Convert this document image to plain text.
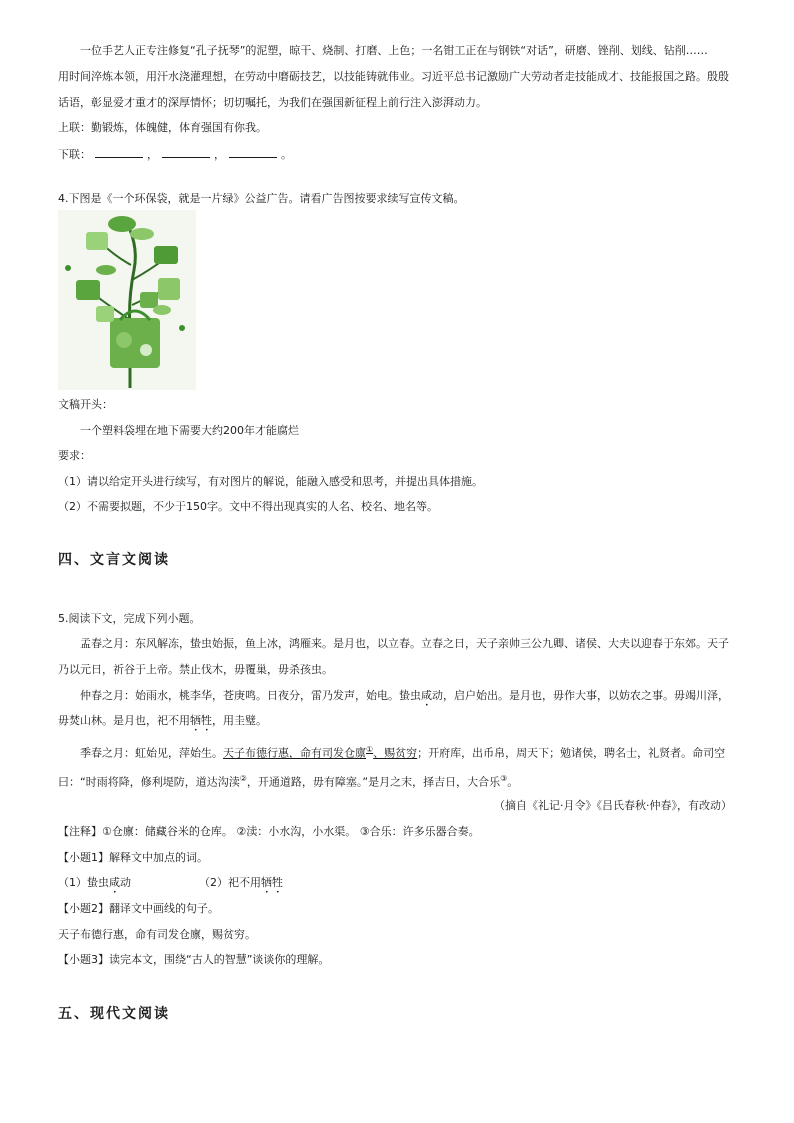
一位手艺人正专注修复“孔子抚琴”的泥塑，晾干、烧制、打磨、上色；一名钳工正在与钢铁“对话”，研磨、锉削、划线、钻削……
用时间淬炼本领，用汗水浇灌理想，在劳动中磨砺技艺，以技能铸就伟业。习近平总书记激励广大劳动者走技能成才、技能报国之路。殷殷
话语，彰显爱才重才的深厚情怀；切切嘱托，为我们在强国新征程上前行注入澎湃动力。
上联：勤锻炼，体魄健，体育强国有你我。
下联：	，	，	。
4.下图是《一个环保袋，就是一片绿》公益广告。请看广告图按要求续写宣传文稿。
文稿开头：
一个塑料袋埋在地下需要大约200年才能腐烂
要求：
（1）请以给定开头进行续写，有对图片的解说，能融入感受和思考，并提出具体措施。
（2）不需要拟题，不少于150字。文中不得出现真实的人名、校名、地名等。
四、文言文阅读
5.阅读下文，完成下列小题。
孟春之月：东风解冻，蛰虫始振，鱼上冰，鸿雁来。是月也，以立春。立春之日，天子亲帅三公九卿、诸侯、大夫以迎春于东郊。天子
乃以元日，祈谷于上帝。禁止伐木，毋覆巢，毋杀孩虫。
仲春之月：始雨水，桃李华，苍庚鸣。日夜分，雷乃发声，始电。蛰虫咸动，启户始出。是月也，毋作大事，以妨农之事。毋竭川泽，
毋焚山林。是月也，祀不用牺牲，用圭璧。
季春之月：虹始见，萍始生。天子布德行惠，命有司发仓廪①、赐贫穷；开府库，出币帛，周天下；勉诸侯，聘名士，礼贤者。命司空
曰：“时雨将降，修利堤防，道达沟渎②，开通道路，毋有障塞。”是月之末，择吉日，大合乐③。
（摘自《礼记·月令》《吕氏春秋·仲春》，有改动）
【注释】①仓廪：储藏谷米的仓库。 ②渎：小水沟，小水渠。 ③合乐：许多乐器合奏。
【小题1】解释文中加点的词。
（1）蛰虫咸动	（2）祀不用牺牲
【小题2】翻译文中画线的句子。
天子布德行惠，命有司发仓廪，赐贫穷。
【小题3】读完本文，围绕“古人的智慧”谈谈你的理解。
五、现代文阅读
